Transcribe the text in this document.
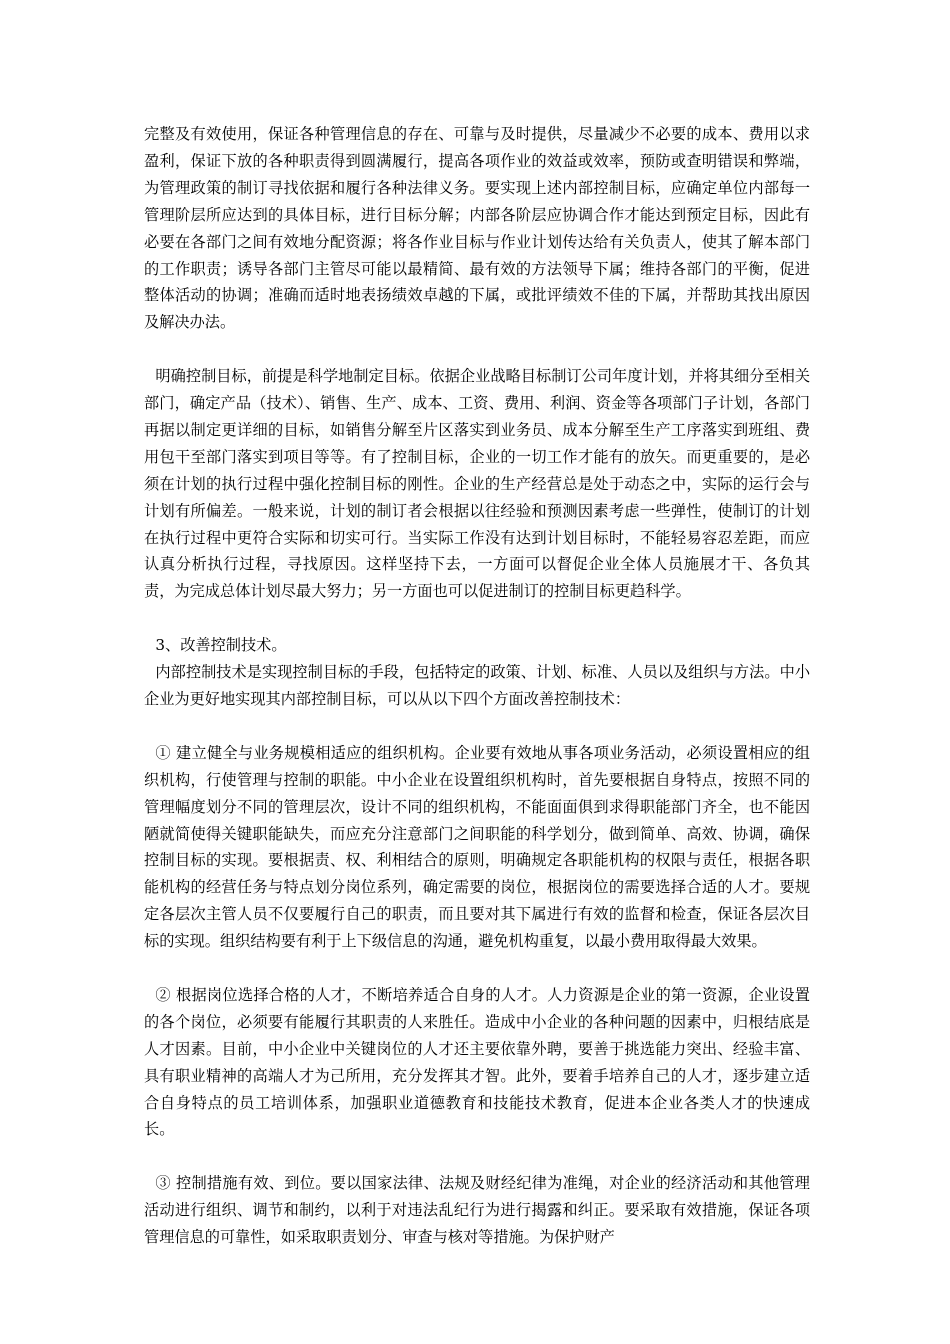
完整及有效使用，保证各种管理信息的存在、可靠与及时提供，尽量减少不必要的成本、费用以求盈利，保证下放的各种职责得到圆满履行，提高各项作业的效益或效率，预防或查明错误和弊端，为管理政策的制订寻找依据和履行各种法律义务。要实现上述内部控制目标，应确定单位内部每一管理阶层所应达到的具体目标，进行目标分解；内部各阶层应协调合作才能达到预定目标，因此有必要在各部门之间有效地分配资源；将各作业目标与作业计划传达给有关负责人，使其了解本部门的工作职责；诱导各部门主管尽可能以最精简、最有效的方法领导下属；维持各部门的平衡，促进整体活动的协调；准确而适时地表扬绩效卓越的下属，或批评绩效不佳的下属，并帮助其找出原因及解决办法。

明确控制目标，前提是科学地制定目标。依据企业战略目标制订公司年度计划，并将其细分至相关部门，确定产品（技术）、销售、生产、成本、工资、费用、利润、资金等各项部门子计划，各部门再据以制定更详细的目标，如销售分解至片区落实到业务员、成本分解至生产工序落实到班组、费用包干至部门落实到项目等等。有了控制目标，企业的一切工作才能有的放矢。而更重要的，是必须在计划的执行过程中强化控制目标的刚性。企业的生产经营总是处于动态之中，实际的运行会与计划有所偏差。一般来说，计划的制订者会根据以往经验和预测因素考虑一些弹性，使制订的计划在执行过程中更符合实际和切实可行。当实际工作没有达到计划目标时，不能轻易容忍差距，而应认真分析执行过程，寻找原因。这样坚持下去，一方面可以督促企业全体人员施展才干、各负其责，为完成总体计划尽最大努力；另一方面也可以促进制订的控制目标更趋科学。

3、改善控制技术。

内部控制技术是实现控制目标的手段，包括特定的政策、计划、标准、人员以及组织与方法。中小企业为更好地实现其内部控制目标，可以从以下四个方面改善控制技术：

① 建立健全与业务规模相适应的组织机构。企业要有效地从事各项业务活动，必须设置相应的组织机构，行使管理与控制的职能。中小企业在设置组织机构时，首先要根据自身特点，按照不同的管理幅度划分不同的管理层次，设计不同的组织机构，不能面面俱到求得职能部门齐全，也不能因陋就简使得关键职能缺失，而应充分注意部门之间职能的科学划分，做到简单、高效、协调，确保控制目标的实现。要根据责、权、利相结合的原则，明确规定各职能机构的权限与责任，根据各职能机构的经营任务与特点划分岗位系列，确定需要的岗位，根据岗位的需要选择合适的人才。要规定各层次主管人员不仅要履行自己的职责，而且要对其下属进行有效的监督和检查，保证各层次目标的实现。组织结构要有利于上下级信息的沟通，避免机构重复，以最小费用取得最大效果。

② 根据岗位选择合格的人才，不断培养适合自身的人才。人力资源是企业的第一资源，企业设置的各个岗位，必须要有能履行其职责的人来胜任。造成中小企业的各种问题的因素中，归根结底是人才因素。目前，中小企业中关键岗位的人才还主要依靠外聘，要善于挑选能力突出、经验丰富、具有职业精神的高端人才为己所用，充分发挥其才智。此外，要着手培养自己的人才，逐步建立适合自身特点的员工培训体系，加强职业道德教育和技能技术教育，促进本企业各类人才的快速成长。

③ 控制措施有效、到位。要以国家法律、法规及财经纪律为准绳，对企业的经济活动和其他管理活动进行组织、调节和制约，以利于对违法乱纪行为进行揭露和纠正。要采取有效措施，保证各项管理信息的可靠性，如采取职责划分、审查与核对等措施。为保护财产
